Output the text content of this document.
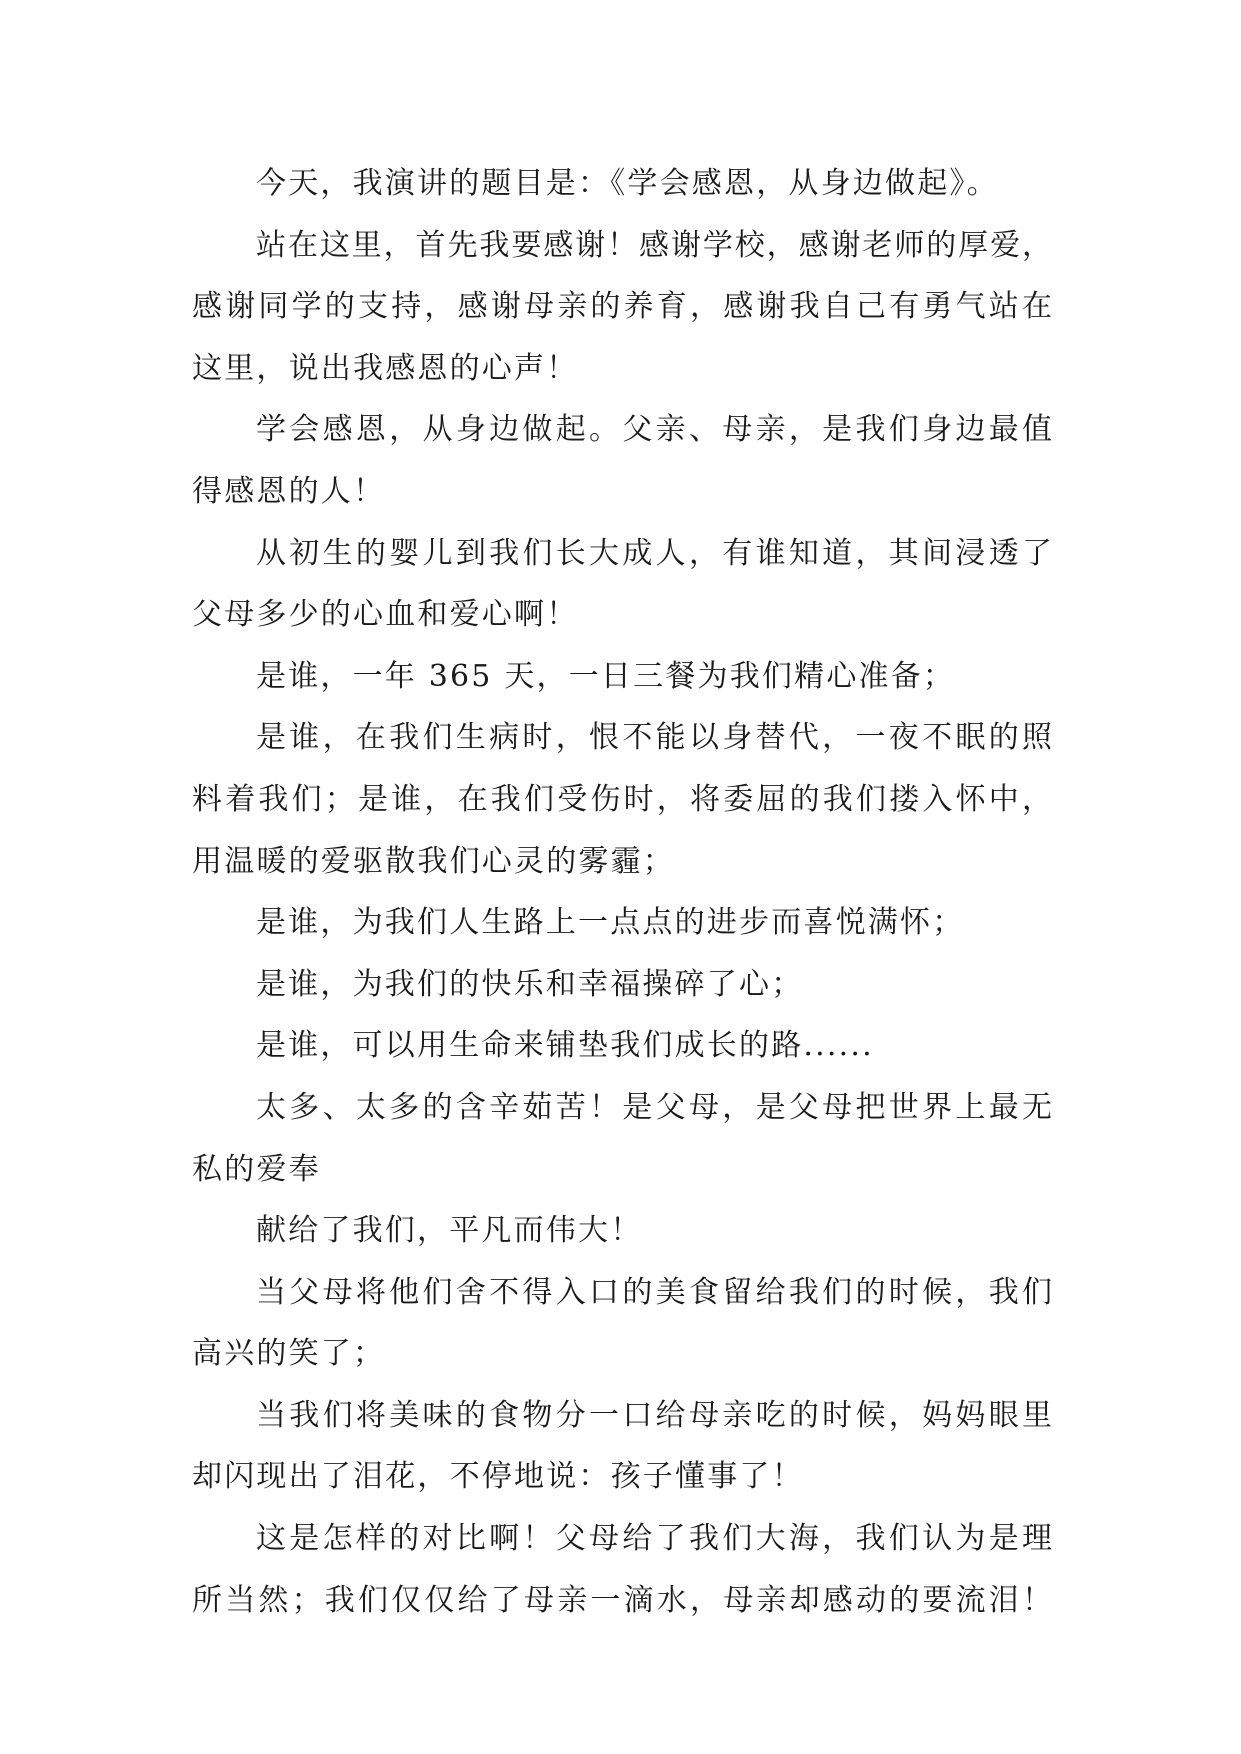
今天，我演讲的题目是：《学会感恩，从身边做起》。
站在这里，首先我要感谢！感谢学校，感谢老师的厚爱，
感谢同学的支持，感谢母亲的养育，感谢我自己有勇气站在
这里，说出我感恩的心声！
学会感恩，从身边做起。父亲、母亲，是我们身边最值
得感恩的人！
从初生的婴儿到我们长大成人，有谁知道，其间浸透了
父母多少的心血和爱心啊！
是谁，一年 365 天，一日三餐为我们精心准备；
是谁，在我们生病时，恨不能以身替代，一夜不眠的照
料着我们；是谁，在我们受伤时，将委屈的我们搂入怀中，
用温暖的爱驱散我们心灵的雾霾；
是谁，为我们人生路上一点点的进步而喜悦满怀；
是谁，为我们的快乐和幸福操碎了心；
是谁，可以用生命来铺垫我们成长的路......
太多、太多的含辛茹苦！是父母，是父母把世界上最无
私的爱奉
献给了我们，平凡而伟大！
当父母将他们舍不得入口的美食留给我们的时候，我们
高兴的笑了；
当我们将美味的食物分一口给母亲吃的时候，妈妈眼里
却闪现出了泪花，不停地说：孩子懂事了！
这是怎样的对比啊！父母给了我们大海，我们认为是理
所当然；我们仅仅给了母亲一滴水，母亲却感动的要流泪！
